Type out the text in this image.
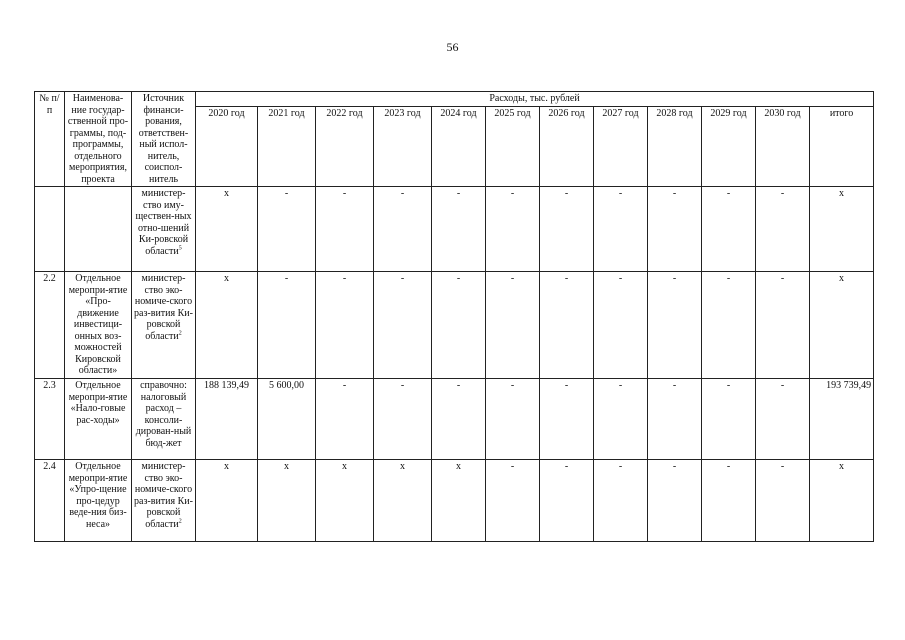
56
№ п/п	Наименова-ние государ-ственной про-граммы, под-программы, отдельного мероприятия, проекта	Источник финанси-рования, ответствен-ный испол-нитель, соиспол-нитель	Расходы, тыс. рублей											
			2020 год	2021 год	2022 год	2023 год	2024 год	2025 год	2026 год	2027 год	2028 год	2029 год	2030 год	итого
		министер-ство иму-ществен-ных отно-шений Ки-ровской области$^5$	x	-	-	-	-	-	-	-	-	-	-	x
2.2	Отдельное меропри-ятие «Про-движение инвестици-онных воз-можностей Кировской области»	министер-ство эко-номиче-ского раз-вития Ки-ровской области$^2$	x	-	-	-	-	-	-	-	-	-	-	x
2.3	Отдельное меропри-ятие «Нало-говые рас-ходы»	справочно: налоговый расход – консоли-дирован-ный бюд-жет	188 139,49	5 600,00	-	-	-	-	-	-	-	-	-	193 739,49
2.4	Отдельное меропри-ятие «Упро-щение про-цедур веде-ния биз-неса»	министер-ство эко-номиче-ского раз-вития Ки-ровской области$^2$	x	x	x	x	x	-	-	-	-	-	-	x
